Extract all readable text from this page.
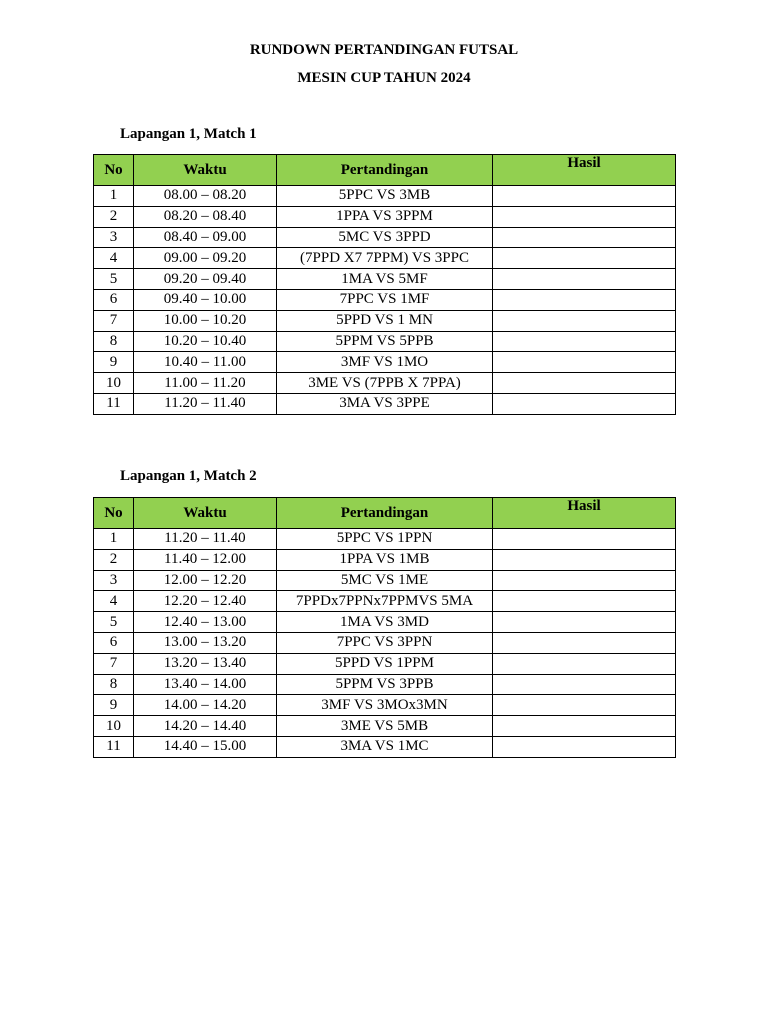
RUNDOWN PERTANDINGAN FUTSAL
MESIN CUP TAHUN 2024
Lapangan 1, Match 1
No	Waktu	Pertandingan	Hasil
1	08.00 – 08.20	5PPC VS 3MB	
2	08.20 – 08.40	1PPA VS 3PPM	
3	08.40 – 09.00	5MC VS 3PPD	
4	09.00 – 09.20	(7PPD X7 7PPM) VS 3PPC	
5	09.20 – 09.40	1MA VS 5MF	
6	09.40 – 10.00	7PPC VS 1MF	
7	10.00 – 10.20	5PPD VS 1 MN	
8	10.20 – 10.40	5PPM VS 5PPB	
9	10.40 – 11.00	3MF VS 1MO	
10	11.00 – 11.20	3ME VS (7PPB X 7PPA)	
11	11.20 – 11.40	3MA VS 3PPE	
Lapangan 1, Match 2
No	Waktu	Pertandingan	Hasil
1	11.20 – 11.40	5PPC VS 1PPN	
2	11.40 – 12.00	1PPA VS 1MB	
3	12.00 – 12.20	5MC VS 1ME	
4	12.20 – 12.40	7PPDx7PPNx7PPMVS 5MA	
5	12.40 – 13.00	1MA VS 3MD	
6	13.00 – 13.20	7PPC VS 3PPN	
7	13.20 – 13.40	5PPD VS 1PPM	
8	13.40 – 14.00	5PPM VS 3PPB	
9	14.00 – 14.20	3MF VS 3MOx3MN	
10	14.20 – 14.40	3ME VS 5MB	
11	14.40 – 15.00	3MA VS 1MC	
